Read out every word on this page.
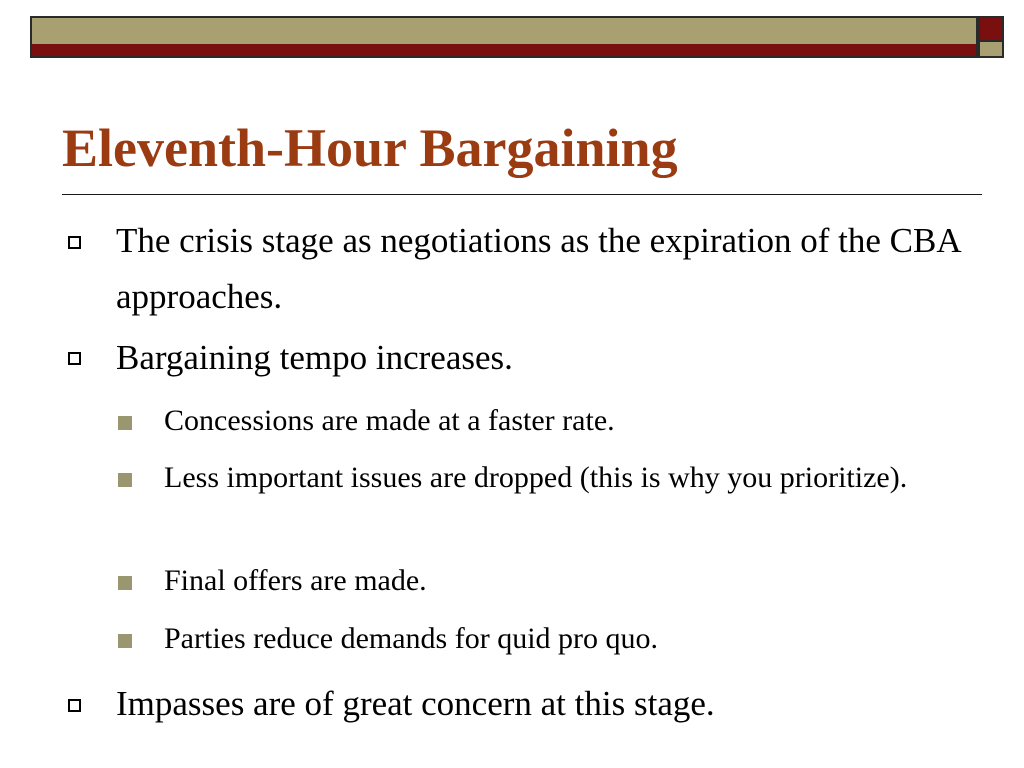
Eleventh-Hour Bargaining

The crisis stage as negotiations as the expiration of the CBA approaches.

Bargaining tempo increases.

Concessions are made at a faster rate.

Less important issues are dropped (this is why you prioritize).

Final offers are made.

Parties reduce demands for quid pro quo.

Impasses are of great concern at this stage.
